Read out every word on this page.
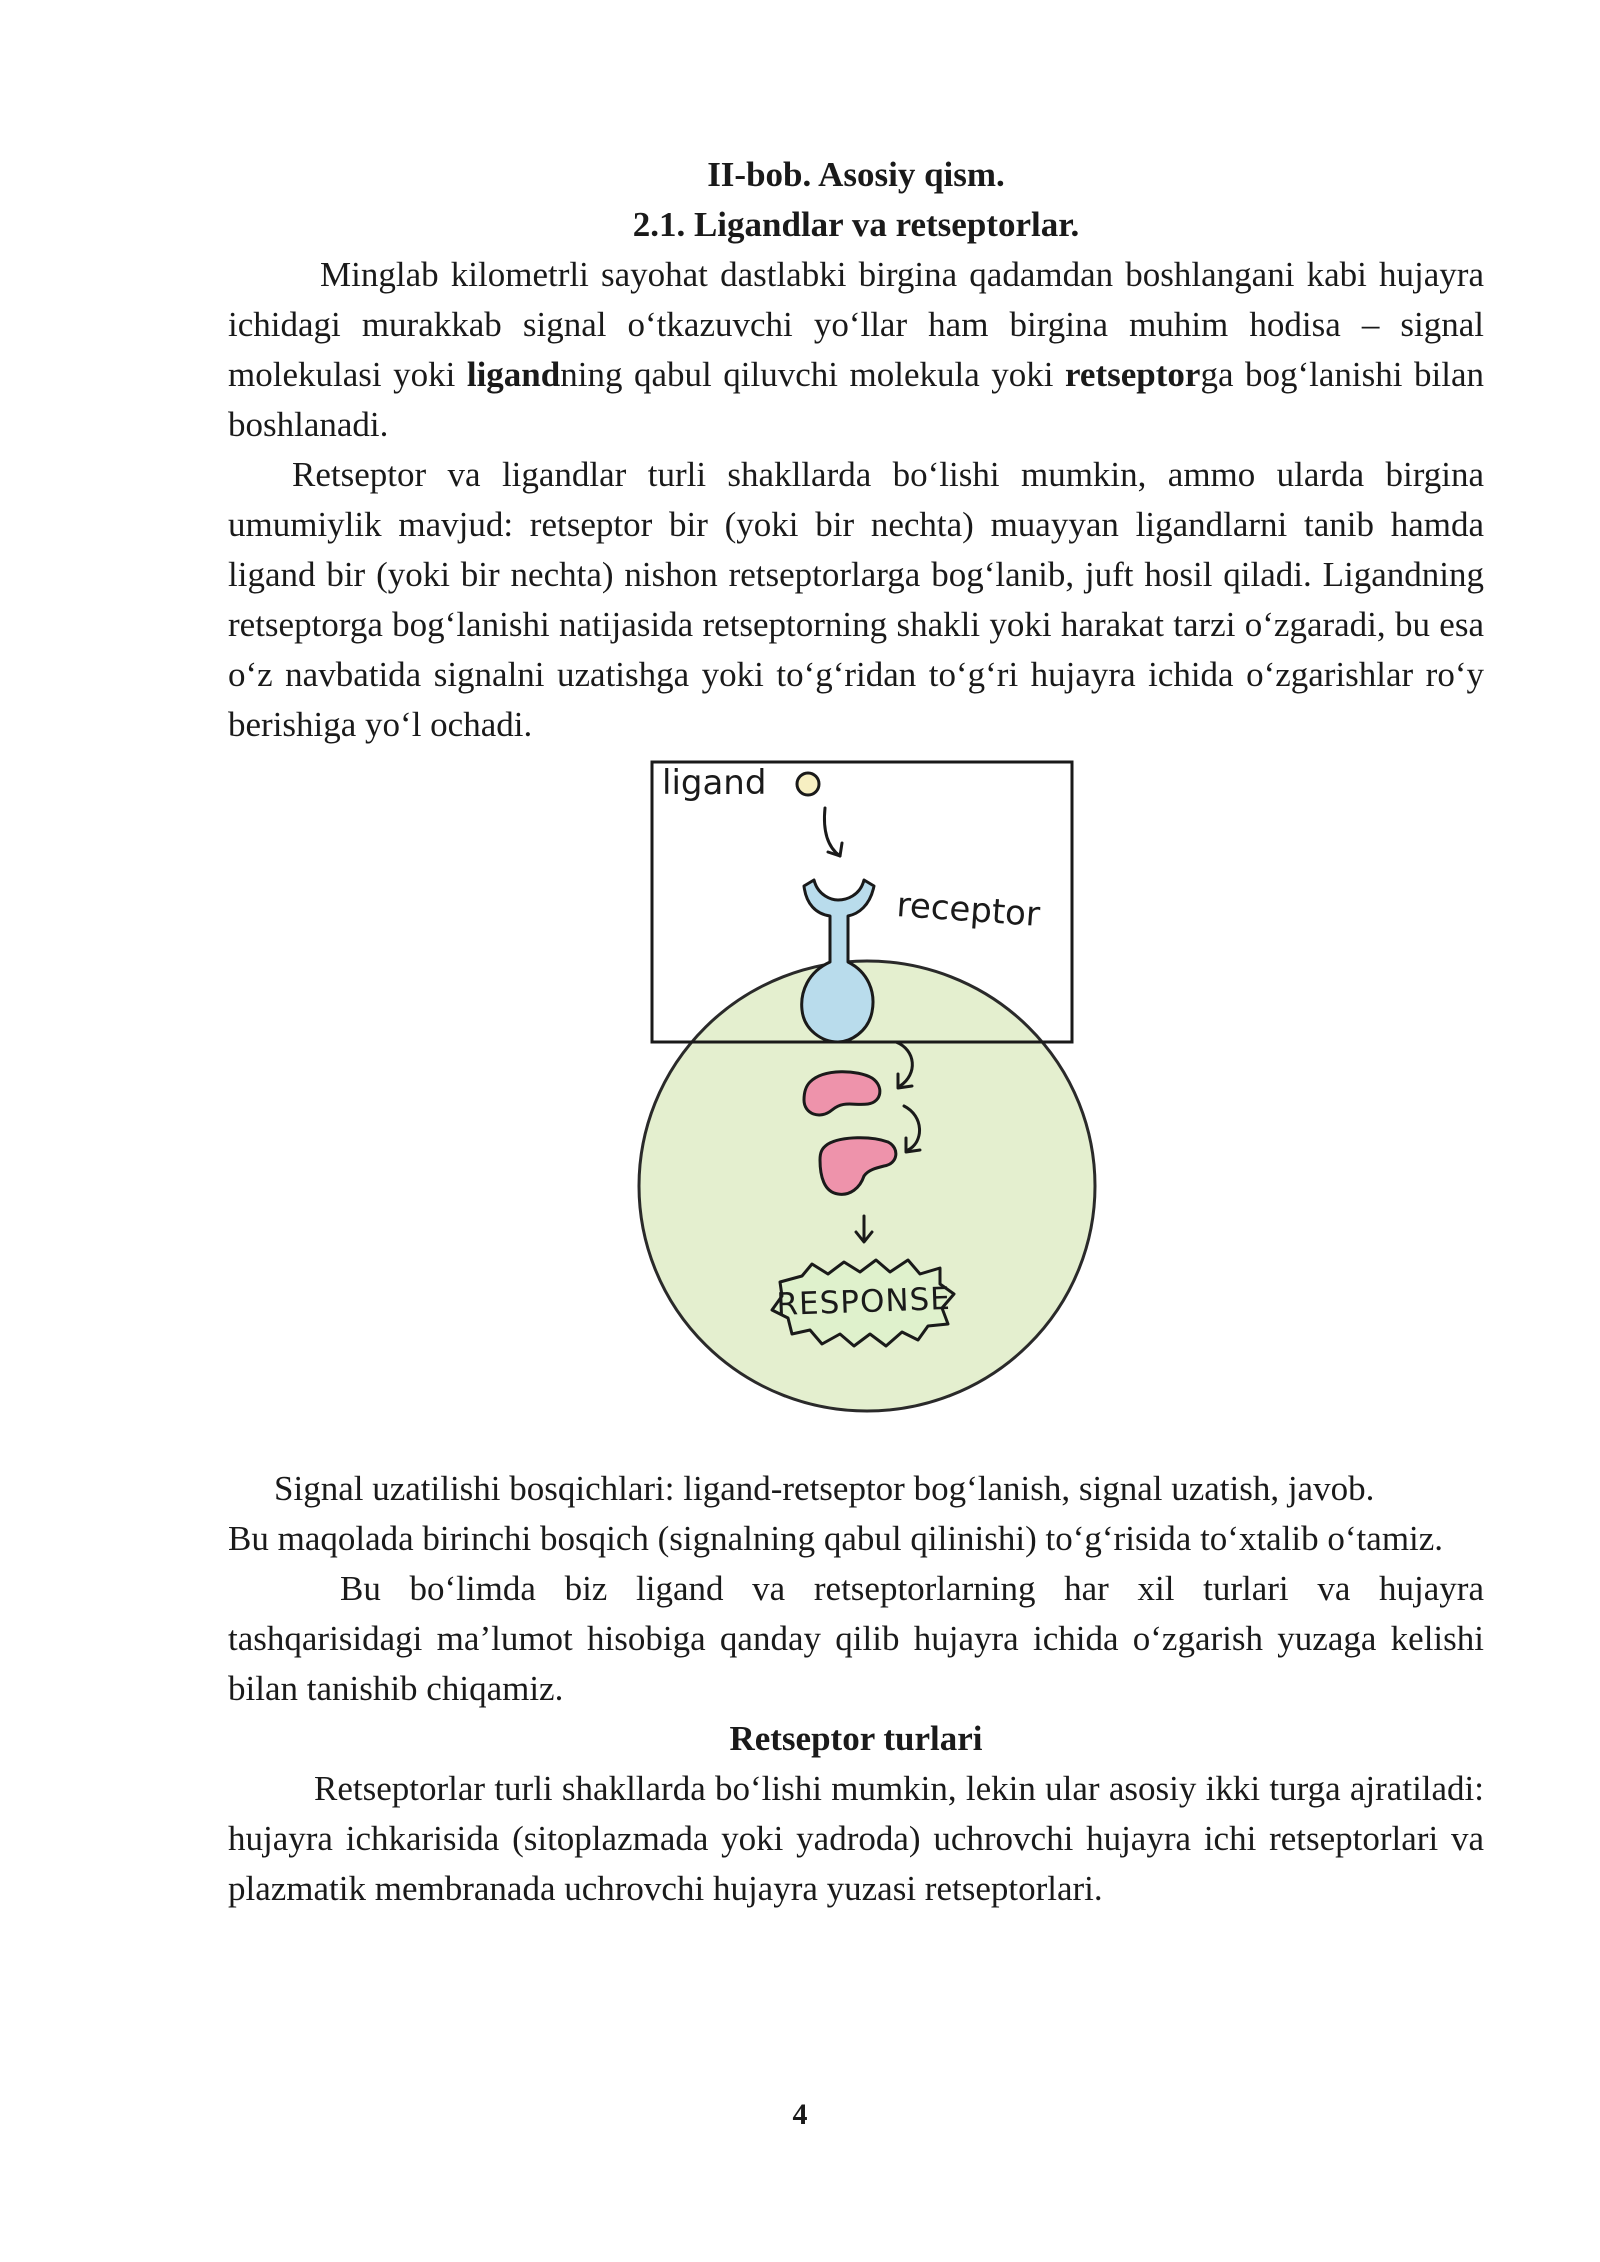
II-bob. Asosiy qism.
2.1. Ligandlar va retseptorlar.

Minglab kilometrli sayohat dastlabki birgina qadamdan boshlangani kabi hujayra ichidagi murakkab signal o‘tkazuvchi yo‘llar ham birgina muhim hodisa – signal molekulasi yoki ligandning qabul qiluvchi molekula yoki retseptorga bog‘lanishi bilan boshlanadi.

Retseptor va ligandlar turli shakllarda bo‘lishi mumkin, ammo ularda birgina umumiylik mavjud: retseptor bir (yoki bir nechta) muayyan ligandlarni tanib hamda ligand bir (yoki bir nechta) nishon retseptorlarga bog‘lanib, juft hosil qiladi. Ligandning retseptorga bog‘lanishi natijasida retseptorning shakli yoki harakat tarzi o‘zgaradi, bu esa o‘z navbatida signalni uzatishga yoki to‘g‘ridan to‘g‘ri hujayra ichida o‘zgarishlar ro‘y berishiga yo‘l ochadi.

ligand
receptor
RESPONSE

Signal uzatilishi bosqichlari: ligand-retseptor bog‘lanish, signal uzatish, javob.

Bu maqolada birinchi bosqich (signalning qabul qilinishi) to‘g‘risida to‘xtalib o‘tamiz.

Bu bo‘limda biz ligand va retseptorlarning har xil turlari va hujayra tashqarisidagi ma’lumot hisobiga qanday qilib hujayra ichida o‘zgarish yuzaga kelishi bilan tanishib chiqamiz.

Retseptor turlari

Retseptorlar turli shakllarda bo‘lishi mumkin, lekin ular asosiy ikki turga ajratiladi: hujayra ichkarisida (sitoplazmada yoki yadroda) uchrovchi hujayra ichi retseptorlari va plazmatik membranada uchrovchi hujayra yuzasi retseptorlari.

4
